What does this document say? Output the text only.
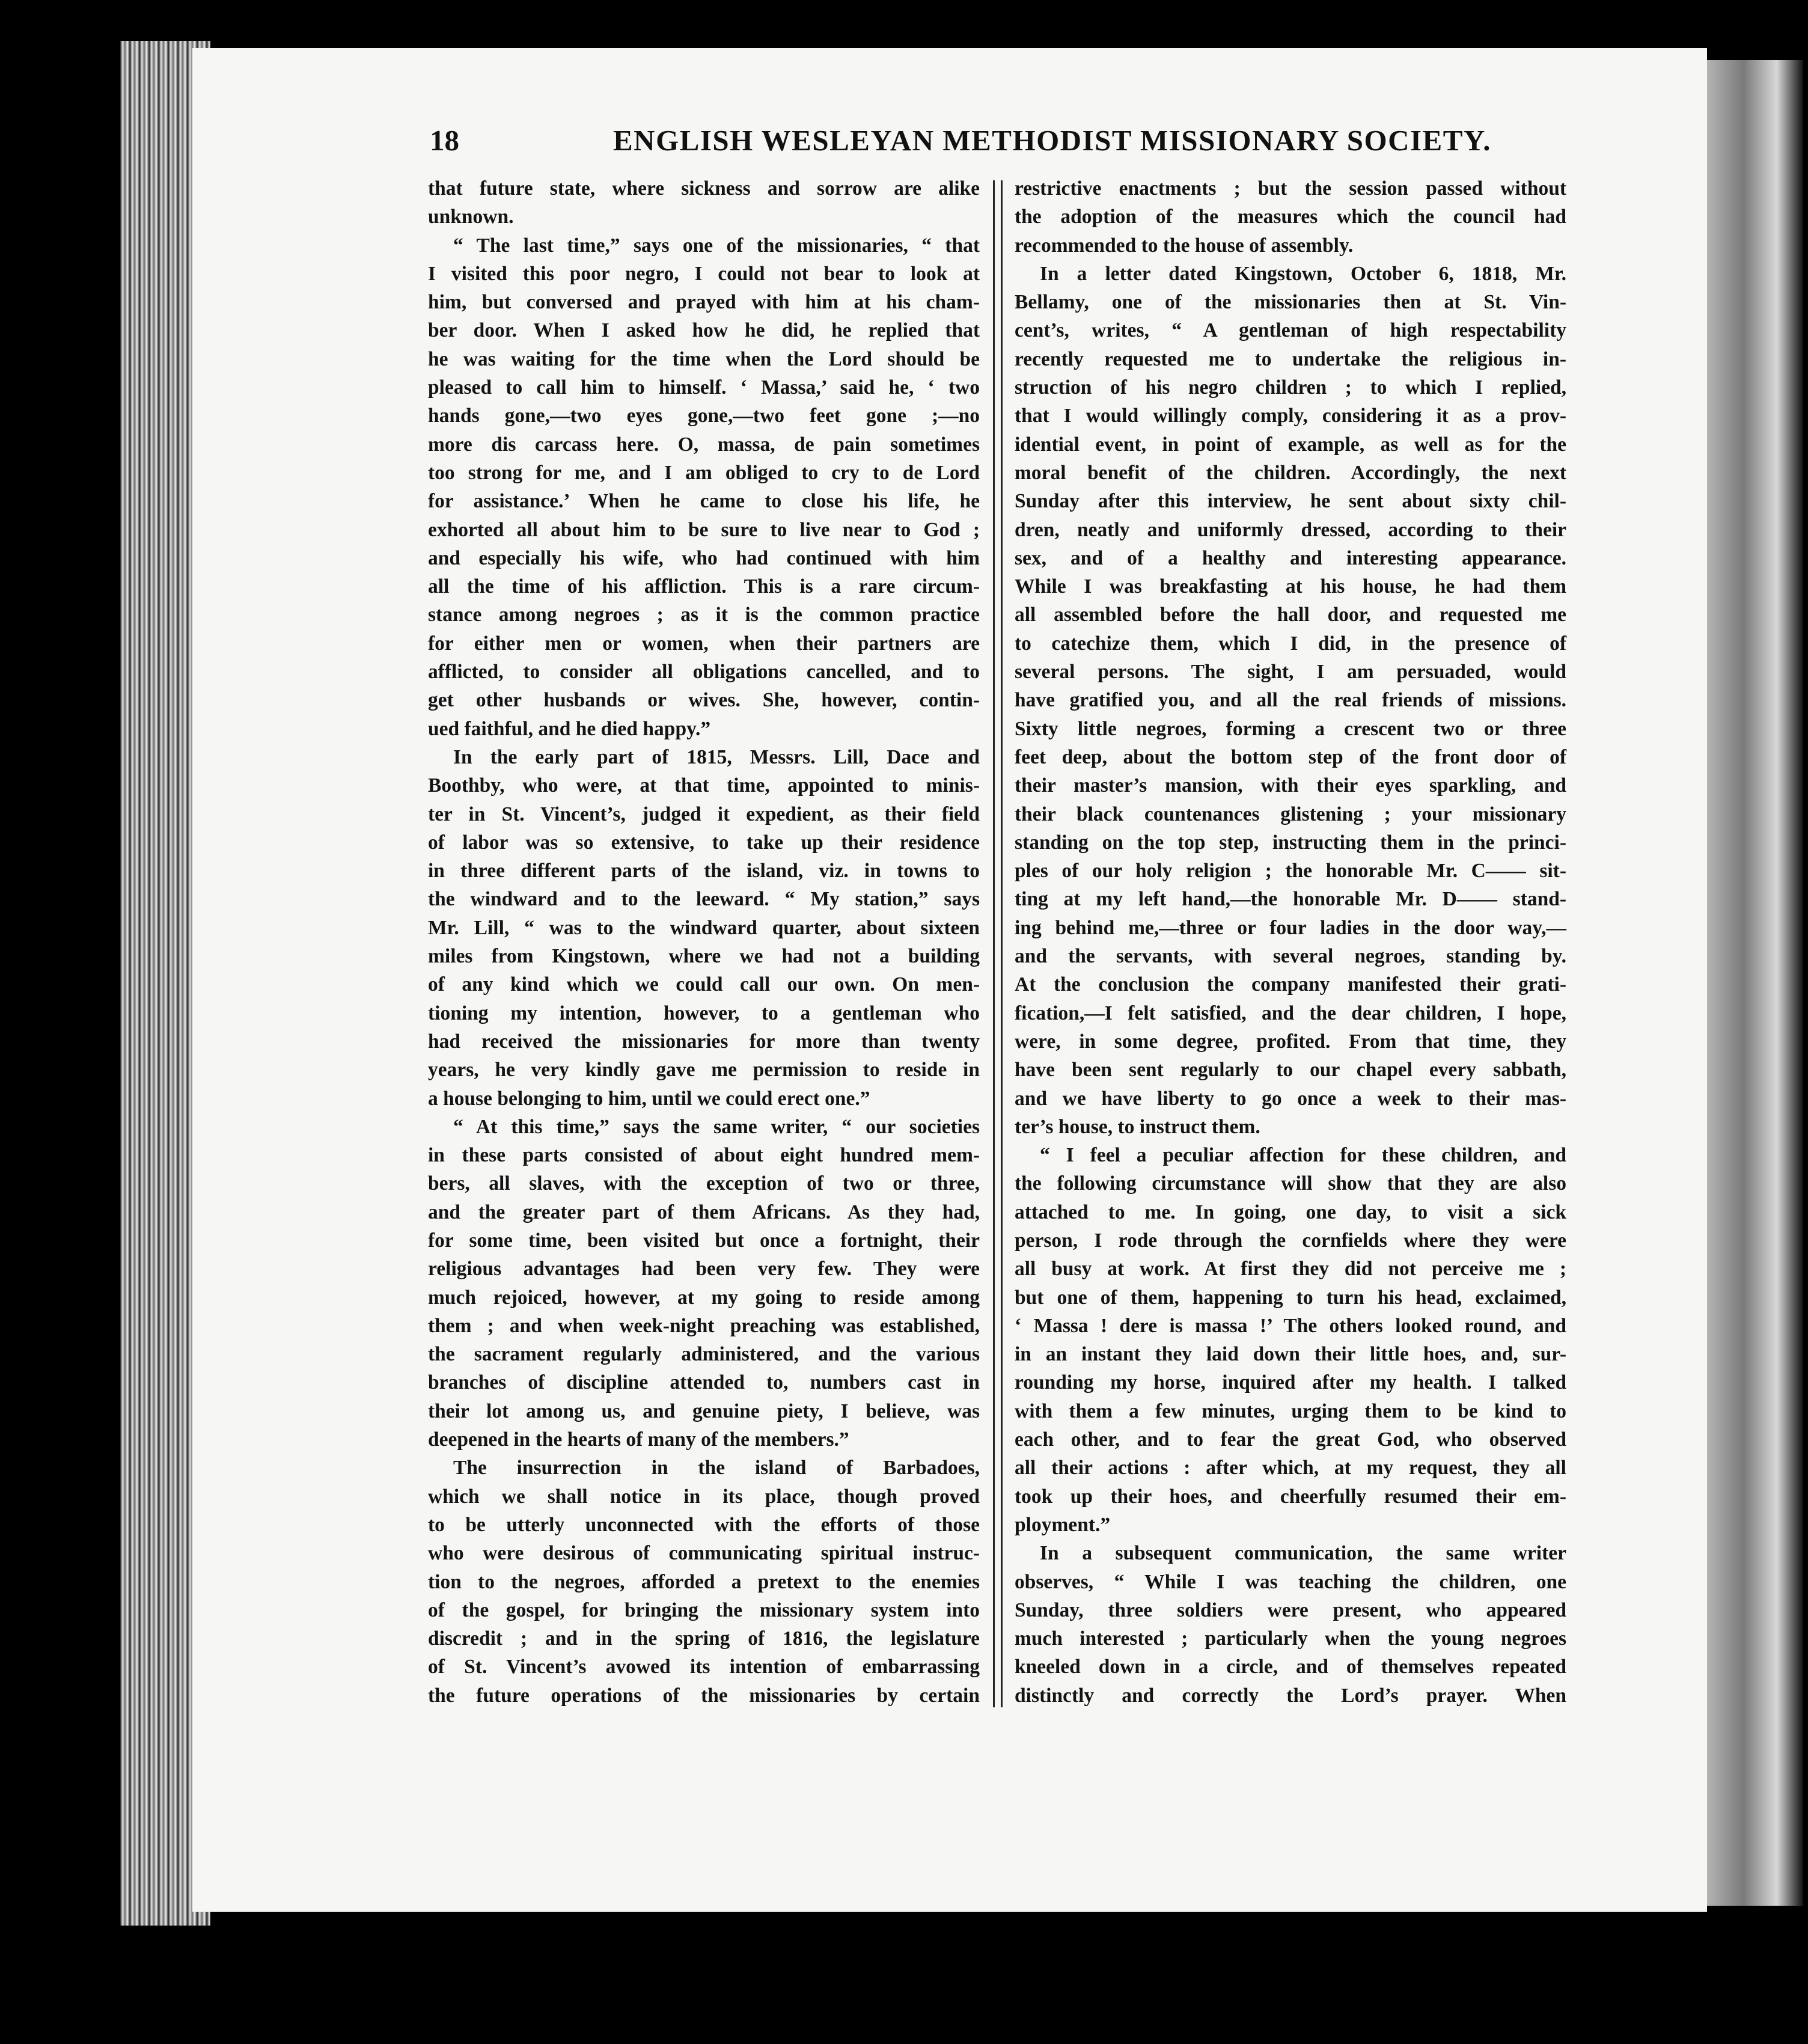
18	ENGLISH WESLEYAN METHODIST MISSIONARY SOCIETY.
that future state, where sickness and sorrow are alike
unknown.
“ The last time,” says one of the missionaries, “ that
I visited this poor negro, I could not bear to look at
him, but conversed and prayed with him at his cham-
ber door. When I asked how he did, he replied that
he was waiting for the time when the Lord should be
pleased to call him to himself. ‘ Massa,’ said he, ‘ two
hands gone,—two eyes gone,—two feet gone ;—no
more dis carcass here. O, massa, de pain sometimes
too strong for me, and I am obliged to cry to de Lord
for assistance.’ When he came to close his life, he
exhorted all about him to be sure to live near to God ;
and especially his wife, who had continued with him
all the time of his affliction. This is a rare circum-
stance among negroes ; as it is the common practice
for either men or women, when their partners are
afflicted, to consider all obligations cancelled, and to
get other husbands or wives. She, however, contin-
ued faithful, and he died happy.”
In the early part of 1815, Messrs. Lill, Dace and
Boothby, who were, at that time, appointed to minis-
ter in St. Vincent’s, judged it expedient, as their field
of labor was so extensive, to take up their residence
in three different parts of the island, viz. in towns to
the windward and to the leeward. “ My station,” says
Mr. Lill, “ was to the windward quarter, about sixteen
miles from Kingstown, where we had not a building
of any kind which we could call our own. On men-
tioning my intention, however, to a gentleman who
had received the missionaries for more than twenty
years, he very kindly gave me permission to reside in
a house belonging to him, until we could erect one.”
“ At this time,” says the same writer, “ our societies
in these parts consisted of about eight hundred mem-
bers, all slaves, with the exception of two or three,
and the greater part of them Africans. As they had,
for some time, been visited but once a fortnight, their
religious advantages had been very few. They were
much rejoiced, however, at my going to reside among
them ; and when week-night preaching was established,
the sacrament regularly administered, and the various
branches of discipline attended to, numbers cast in
their lot among us, and genuine piety, I believe, was
deepened in the hearts of many of the members.”
The insurrection in the island of Barbadoes,
which we shall notice in its place, though proved
to be utterly unconnected with the efforts of those
who were desirous of communicating spiritual instruc-
tion to the negroes, afforded a pretext to the enemies
of the gospel, for bringing the missionary system into
discredit ; and in the spring of 1816, the legislature
of St. Vincent’s avowed its intention of embarrassing
the future operations of the missionaries by certain
restrictive enactments ; but the session passed without
the adoption of the measures which the council had
recommended to the house of assembly.
In a letter dated Kingstown, October 6, 1818, Mr.
Bellamy, one of the missionaries then at St. Vin-
cent’s, writes, “ A gentleman of high respectability
recently requested me to undertake the religious in-
struction of his negro children ; to which I replied,
that I would willingly comply, considering it as a prov-
idential event, in point of example, as well as for the
moral benefit of the children. Accordingly, the next
Sunday after this interview, he sent about sixty chil-
dren, neatly and uniformly dressed, according to their
sex, and of a healthy and interesting appearance.
While I was breakfasting at his house, he had them
all assembled before the hall door, and requested me
to catechize them, which I did, in the presence of
several persons. The sight, I am persuaded, would
have gratified you, and all the real friends of missions.
Sixty little negroes, forming a crescent two or three
feet deep, about the bottom step of the front door of
their master’s mansion, with their eyes sparkling, and
their black countenances glistening ; your missionary
standing on the top step, instructing them in the princi-
ples of our holy religion ; the honorable Mr. C—— sit-
ting at my left hand,—the honorable Mr. D—— stand-
ing behind me,—three or four ladies in the door way,—
and the servants, with several negroes, standing by.
At the conclusion the company manifested their grati-
fication,—I felt satisfied, and the dear children, I hope,
were, in some degree, profited. From that time, they
have been sent regularly to our chapel every sabbath,
and we have liberty to go once a week to their mas-
ter’s house, to instruct them.
“ I feel a peculiar affection for these children, and
the following circumstance will show that they are also
attached to me. In going, one day, to visit a sick
person, I rode through the cornfields where they were
all busy at work. At first they did not perceive me ;
but one of them, happening to turn his head, exclaimed,
‘ Massa ! dere is massa !’ The others looked round, and
in an instant they laid down their little hoes, and, sur-
rounding my horse, inquired after my health. I talked
with them a few minutes, urging them to be kind to
each other, and to fear the great God, who observed
all their actions : after which, at my request, they all
took up their hoes, and cheerfully resumed their em-
ployment.”
In a subsequent communication, the same writer
observes, “ While I was teaching the children, one
Sunday, three soldiers were present, who appeared
much interested ; particularly when the young negroes
kneeled down in a circle, and of themselves repeated
distinctly and correctly the Lord’s prayer. When
